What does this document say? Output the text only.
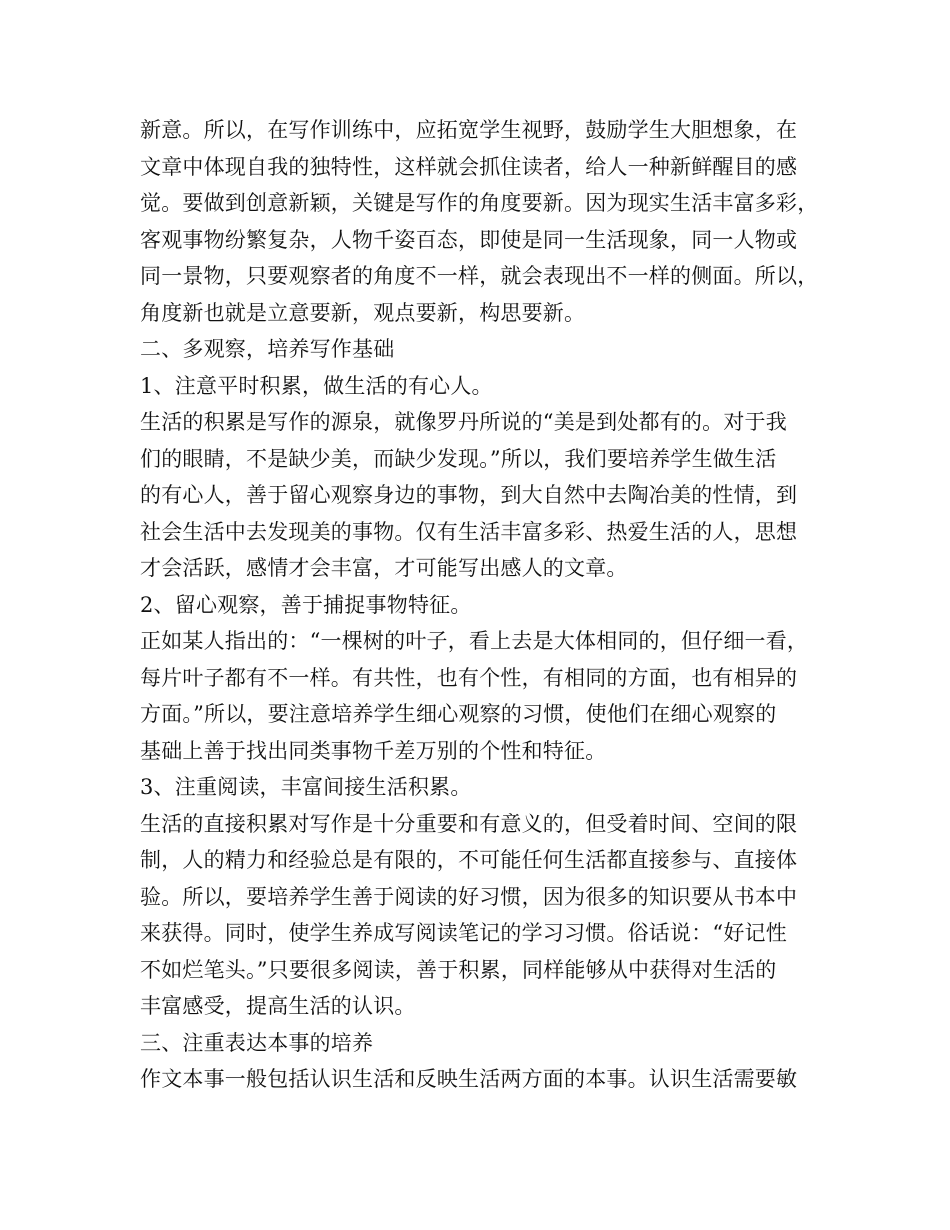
新意。所以，在写作训练中，应拓宽学生视野，鼓励学生大胆想象，在
文章中体现自我的独特性，这样就会抓住读者，给人一种新鲜醒目的感
觉。要做到创意新颖，关键是写作的角度要新。因为现实生活丰富多彩，
客观事物纷繁复杂，人物千姿百态，即使是同一生活现象，同一人物或
同一景物，只要观察者的角度不一样，就会表现出不一样的侧面。所以，
角度新也就是立意要新，观点要新，构思要新。
二、多观察，培养写作基础
1、注意平时积累，做生活的有心人。
生活的积累是写作的源泉，就像罗丹所说的“美是到处都有的。对于我
们的眼睛，不是缺少美，而缺少发现。”所以，我们要培养学生做生活
的有心人，善于留心观察身边的事物，到大自然中去陶冶美的性情，到
社会生活中去发现美的事物。仅有生活丰富多彩、热爱生活的人，思想
才会活跃，感情才会丰富，才可能写出感人的文章。
2、留心观察，善于捕捉事物特征。
正如某人指出的：“一棵树的叶子，看上去是大体相同的，但仔细一看，
每片叶子都有不一样。有共性，也有个性，有相同的方面，也有相异的
方面。”所以，要注意培养学生细心观察的习惯，使他们在细心观察的
基础上善于找出同类事物千差万别的个性和特征。
3、注重阅读，丰富间接生活积累。
生活的直接积累对写作是十分重要和有意义的，但受着时间、空间的限
制，人的精力和经验总是有限的，不可能任何生活都直接参与、直接体
验。所以，要培养学生善于阅读的好习惯，因为很多的知识要从书本中
来获得。同时，使学生养成写阅读笔记的学习习惯。俗话说：“好记性
不如烂笔头。”只要很多阅读，善于积累，同样能够从中获得对生活的
丰富感受，提高生活的认识。
三、注重表达本事的培养
作文本事一般包括认识生活和反映生活两方面的本事。认识生活需要敏
